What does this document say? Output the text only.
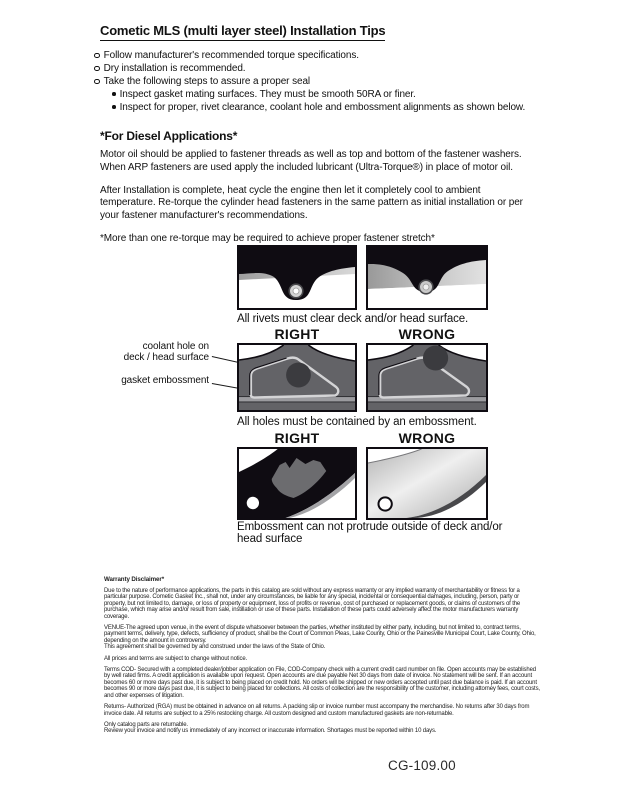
Cometic MLS (multi layer steel) Installation Tips
Follow manufacturer's recommended torque specifications.
Dry installation is recommended.
Take the following steps to assure a proper seal
Inspect gasket mating surfaces. They must be smooth 50RA or finer.
Inspect for proper, rivet clearance, coolant hole and embossment alignments as shown below.
*For Diesel Applications*
Motor oil should be applied to fastener threads as well as top and bottom of the fastener washers. When ARP fasteners are used apply the included lubricant (Ultra-Torque®) in place of motor oil.
After Installation is complete, heat cycle the engine then let it completely cool to ambient temperature. Re-torque the cylinder head fasteners in the same pattern as initial installation or per your fastener manufacturer's recommendations.
*More than one re-torque may be required to achieve proper fastener stretch*
All rivets must clear deck and/or head surface.
RIGHT	WRONG
coolant hole on
deck / head surface
gasket embossment
All holes must be contained by an embossment.
RIGHT	WRONG
Embossment can not protrude outside of deck and/or head surface
Warranty Disclaimer*

Due to the nature of performance applications, the parts in this catalog are sold without any express warranty or any implied warranty of merchantability or fitness for a particular purpose. Cometic Gasket Inc., shall not, under any circumstances, be liable for any special, incidental or consequential damages, including, person, party or property, but not limited to, damage, or loss of property or equipment, loss of profits or revenue, cost of purchased or replacement goods, or claims of customers of the purchase, which may arise and/or result from sale, instillation or use of these parts. Installation of these parts could adversely affect the motor manufacturers warranty coverage.

VENUE-The agreed upon venue, in the event of dispute whatsoever between the parties, whether instituted by either party, including, but not limited to, contract terms, payment terms, delivery, type, defects, sufficiency of product, shall be the Court of Common Pleas, Lake County, Ohio or the Painesville Municipal Court, Lake County, Ohio, depending on the amount in controversy.

This agreement shall be governed by and construed under the laws of the State of Ohio.

All prices and terms are subject to change without notice.

Terms COD- Secured with a completed dealer/jobber application on File, COD-Company check with a current credit card number on file. Open accounts may be established by well rated firms. A credit application is available upon request. Open accounts are due payable Net 30 days from date of invoice. No statement will be sent. If an account becomes 60 or more days past due, it is subject to being placed on credit hold. No orders will be shipped or new orders accepted until past due balance is paid. If an account becomes 90 or more days past due, it is subject to being placed for collections. All costs of collection are the responsibility of the customer, including attorney fees, court costs, and other expenses of litigation.

Returns- Authorized (RGA) must be obtained in advance on all returns. A packing slip or invoice number must accompany the merchandise. No returns after 30 days from invoice date. All returns are subject to a 25% restocking charge. All custom designed and custom manufactured gaskets are non-returnable.

Only catalog parts are returnable.

Review your invoice and notify us immediately of any incorrect or inaccurate information. Shortages must be reported within 10 days.

CG-109.00
